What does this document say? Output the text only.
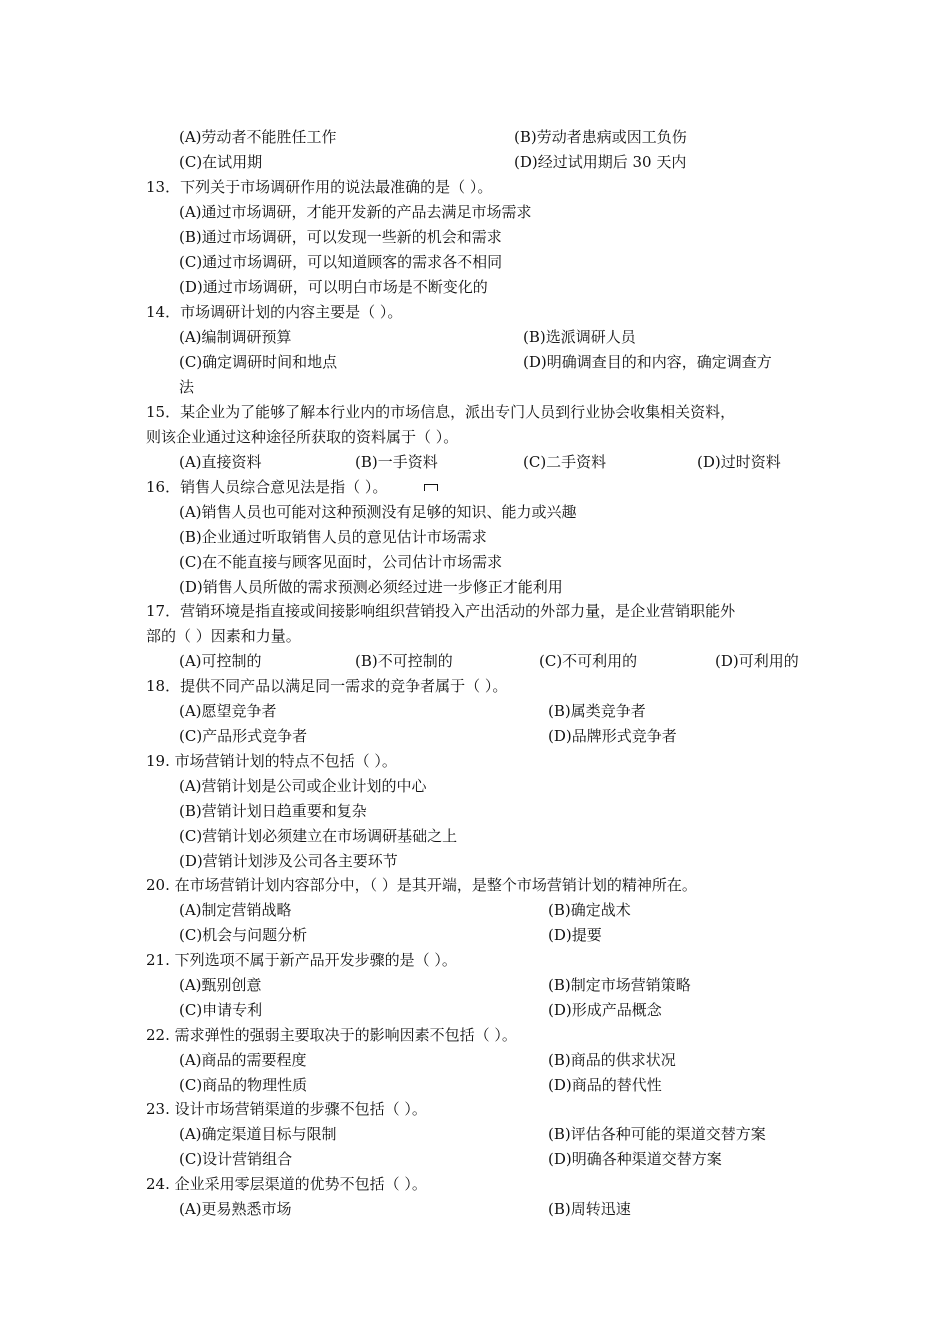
(A)劳动者不能胜任工作	(B)劳动者患病或因工负伤
(C)在试用期	(D)经过试用期后 30 天内
13．下列关于市场调研作用的说法最准确的是（ ）。
(A)通过市场调研，才能开发新的产品去满足市场需求
(B)通过市场调研，可以发现一些新的机会和需求
(C)通过市场调研，可以知道顾客的需求各不相同
(D)通过市场调研，可以明白市场是不断变化的
14．市场调研计划的内容主要是（ ）。
(A)编制调研预算	(B)选派调研人员
(C)确定调研时间和地点	(D)明确调查目的和内容，确定调查方
法
15．某企业为了能够了解本行业内的市场信息，派出专门人员到行业协会收集相关资料，
则该企业通过这种途径所获取的资料属于（ ）。
(A)直接资料	(B)一手资料	(C)二手资料	(D)过时资料
16．销售人员综合意见法是指（ ）。
(A)销售人员也可能对这种预测没有足够的知识、能力或兴趣
(B)企业通过听取销售人员的意见估计市场需求
(C)在不能直接与顾客见面时，公司估计市场需求
(D)销售人员所做的需求预测必须经过进一步修正才能利用
17．营销环境是指直接或间接影响组织营销投入产出活动的外部力量，是企业营销职能外
部的（ ）因素和力量。
(A)可控制的	(B)不可控制的	(C)不可利用的	(D)可利用的
18．提供不同产品以满足同一需求的竞争者属于（ ）。
(A)愿望竞争者	(B)属类竞争者
(C)产品形式竞争者	(D)品牌形式竞争者
19. 市场营销计划的特点不包括（ ）。
(A)营销计划是公司或企业计划的中心
(B)营销计划日趋重要和复杂
(C)营销计划必须建立在市场调研基础之上
(D)营销计划涉及公司各主要环节
20. 在市场营销计划内容部分中，（ ）是其开端，是整个市场营销计划的精神所在。
(A)制定营销战略	(B)确定战术
(C)机会与问题分析	(D)提要
21. 下列选项不属于新产品开发步骤的是（ ）。
(A)甄别创意	(B)制定市场营销策略
(C)申请专利	(D)形成产品概念
22. 需求弹性的强弱主要取决于的影响因素不包括（ ）。
(A)商品的需要程度	(B)商品的供求状况
(C)商品的物理性质	(D)商品的替代性
23. 设计市场营销渠道的步骤不包括（ ）。
(A)确定渠道目标与限制	(B)评估各种可能的渠道交替方案
(C)设计营销组合	(D)明确各种渠道交替方案
24. 企业采用零层渠道的优势不包括（ ）。
(A)更易熟悉市场	(B)周转迅速
